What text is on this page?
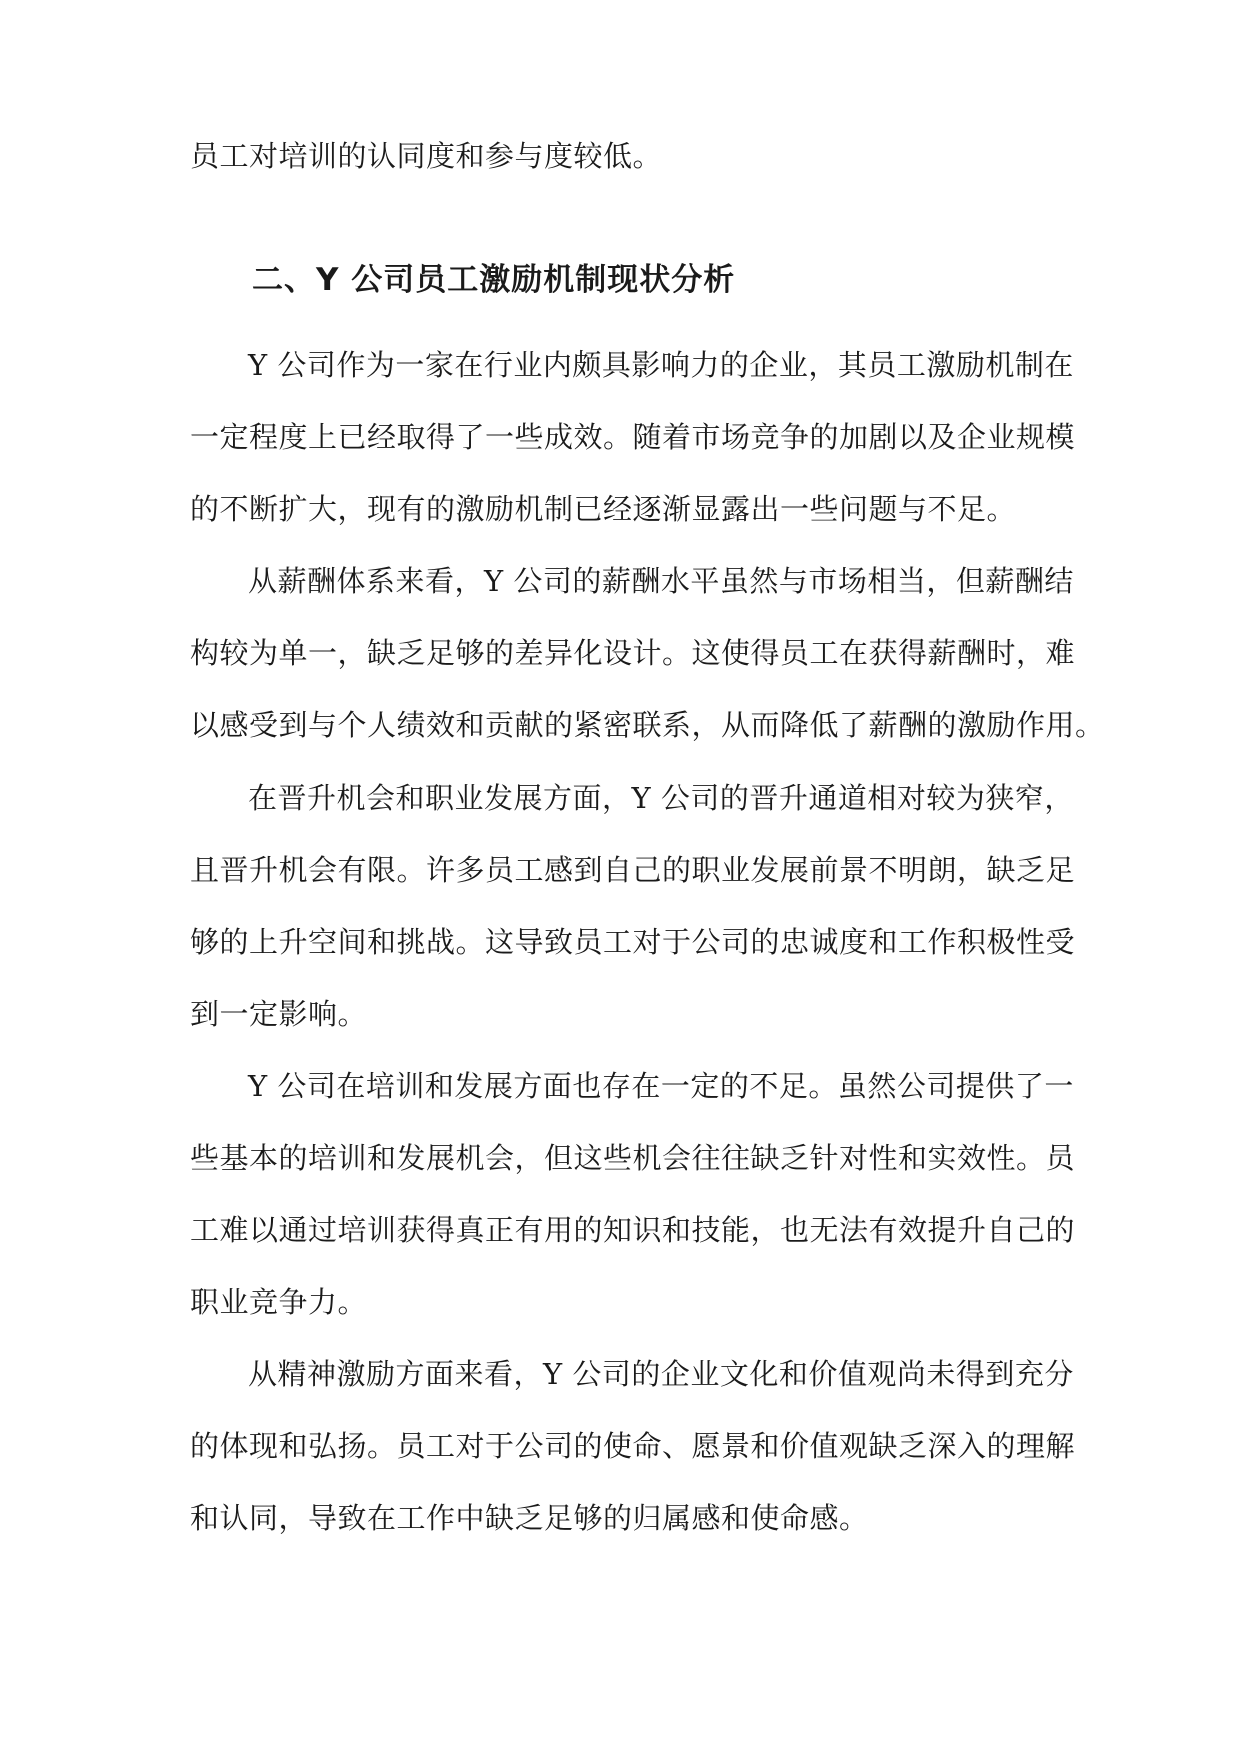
员工对培训的认同度和参与度较低。
二、Y 公司员工激励机制现状分析
Y 公司作为一家在行业内颇具影响力的企业，其员工激励机制在
一定程度上已经取得了一些成效。随着市场竞争的加剧以及企业规模
的不断扩大，现有的激励机制已经逐渐显露出一些问题与不足。
从薪酬体系来看，Y 公司的薪酬水平虽然与市场相当，但薪酬结
构较为单一，缺乏足够的差异化设计。这使得员工在获得薪酬时，难
以感受到与个人绩效和贡献的紧密联系，从而降低了薪酬的激励作用。
在晋升机会和职业发展方面，Y 公司的晋升通道相对较为狭窄，
且晋升机会有限。许多员工感到自己的职业发展前景不明朗，缺乏足
够的上升空间和挑战。这导致员工对于公司的忠诚度和工作积极性受
到一定影响。
Y 公司在培训和发展方面也存在一定的不足。虽然公司提供了一
些基本的培训和发展机会，但这些机会往往缺乏针对性和实效性。员
工难以通过培训获得真正有用的知识和技能，也无法有效提升自己的
职业竞争力。
从精神激励方面来看，Y 公司的企业文化和价值观尚未得到充分
的体现和弘扬。员工对于公司的使命、愿景和价值观缺乏深入的理解
和认同，导致在工作中缺乏足够的归属感和使命感。
